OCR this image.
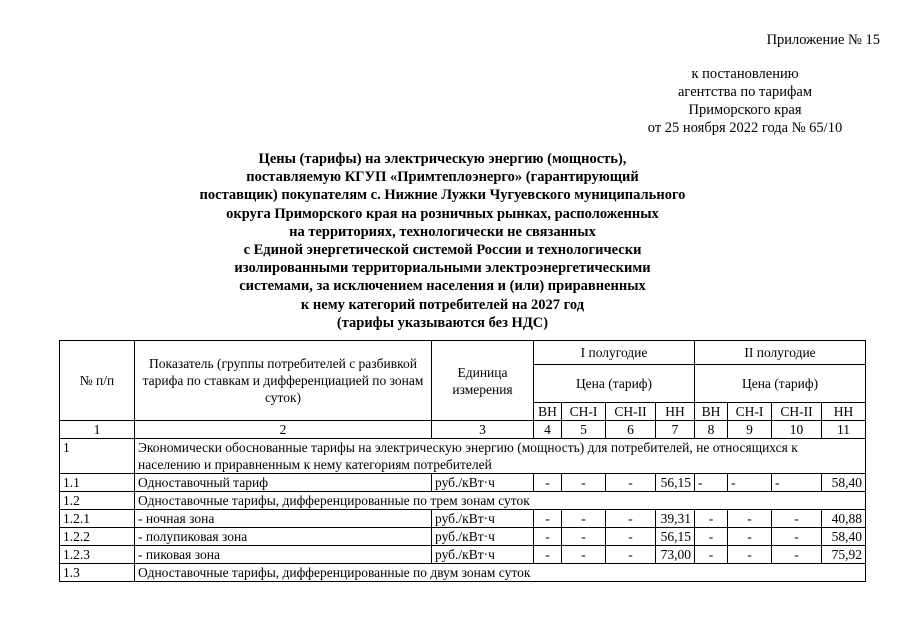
Приложение № 15
к постановлению
агентства по тарифам
Приморского края
от 25 ноября 2022 года № 65/10
Цены (тарифы) на электрическую энергию (мощность),
поставляемую КГУП «Примтеплоэнерго» (гарантирующий
поставщик) покупателям с. Нижние Лужки Чугуевского муниципального
округа Приморского края на розничных рынках, расположенных
на территориях, технологически не связанных
с Единой энергетической системой России и технологически
изолированными территориальными электроэнергетическими
системами, за исключением населения и (или) приравненных
к нему категорий потребителей на 2027 год
(тарифы указываются без НДС)
№ п/п	Показатель (группы потребителей с разбивкой тарифа по ставкам и дифференциацией по зонам суток)	Единица измерения	I полугодие				II полугодие			
			Цена (тариф)				Цена (тариф)			
			ВН	СН-I	СН-II	НН	ВН	СН-I	СН-II	НН
1	2	3	4	5	6	7	8	9	10	11
1	Экономически обоснованные тарифы на электрическую энергию (мощность) для потребителей, не относящихся к населению и приравненным к нему категориям потребителей									
1.1	Одноставочный тариф	руб./кВт·ч	-	-	-	56,15	-	-	-	58,40
1.2	Одноставочные тарифы, дифференцированные по трем зонам суток									
1.2.1	- ночная зона	руб./кВт·ч	-	-	-	39,31	-	-	-	40,88
1.2.2	- полупиковая зона	руб./кВт·ч	-	-	-	56,15	-	-	-	58,40
1.2.3	- пиковая зона	руб./кВт·ч	-	-	-	73,00	-	-	-	75,92
1.3	Одноставочные тарифы, дифференцированные по двум зонам суток									
